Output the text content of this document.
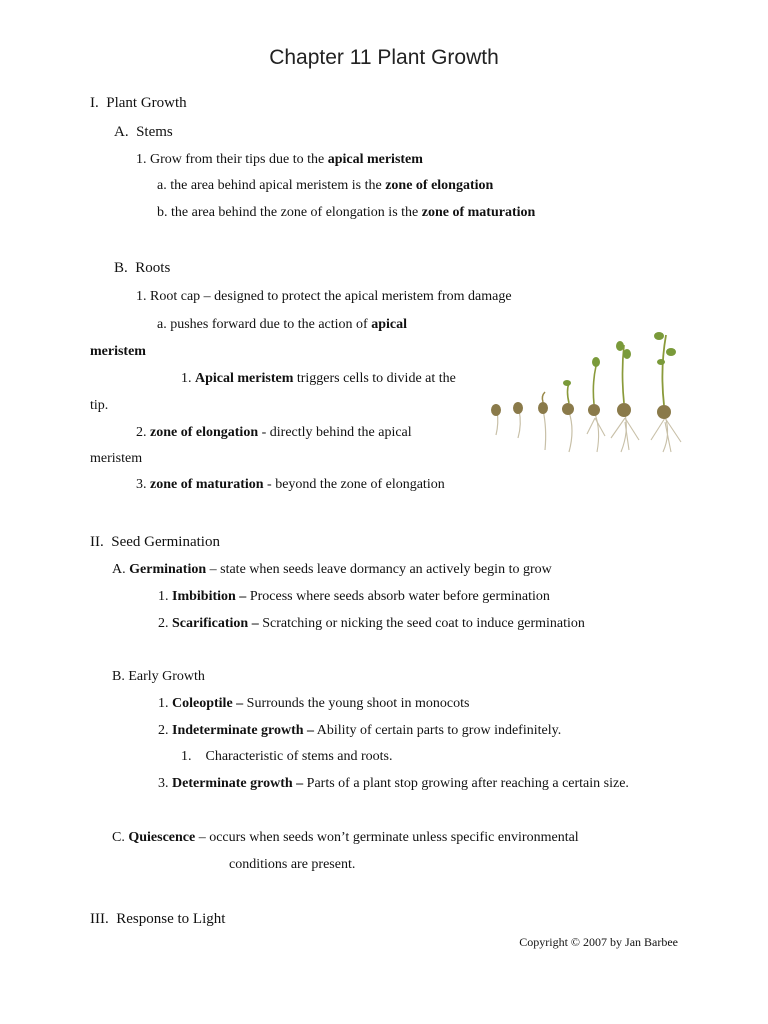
Chapter 11 Plant Growth
I. Plant Growth
A. Stems
1. Grow from their tips due to the apical meristem
a. the area behind apical meristem is the zone of elongation
b. the area behind the zone of elongation is the zone of maturation
B. Roots
1. Root cap – designed to protect the apical meristem from damage
a. pushes forward due to the action of apical
meristem
1. Apical meristem triggers cells to divide at the
tip.
2. zone of elongation - directly behind the apical
meristem
3. zone of maturation - beyond the zone of elongation
II. Seed Germination
A. Germination – state when seeds leave dormancy an actively begin to grow
1. Imbibition – Process where seeds absorb water before germination
2. Scarification – Scratching or nicking the seed coat to induce germination
B. Early Growth
1. Coleoptile – Surrounds the young shoot in monocots
2. Indeterminate growth – Ability of certain parts to grow indefinitely.
1.    Characteristic of stems and roots.
3. Determinate growth – Parts of a plant stop growing after reaching a certain size.
C. Quiescence – occurs when seeds won’t germinate unless specific environmental
conditions are present.
III. Response to Light
Copyright © 2007 by Jan Barbee
